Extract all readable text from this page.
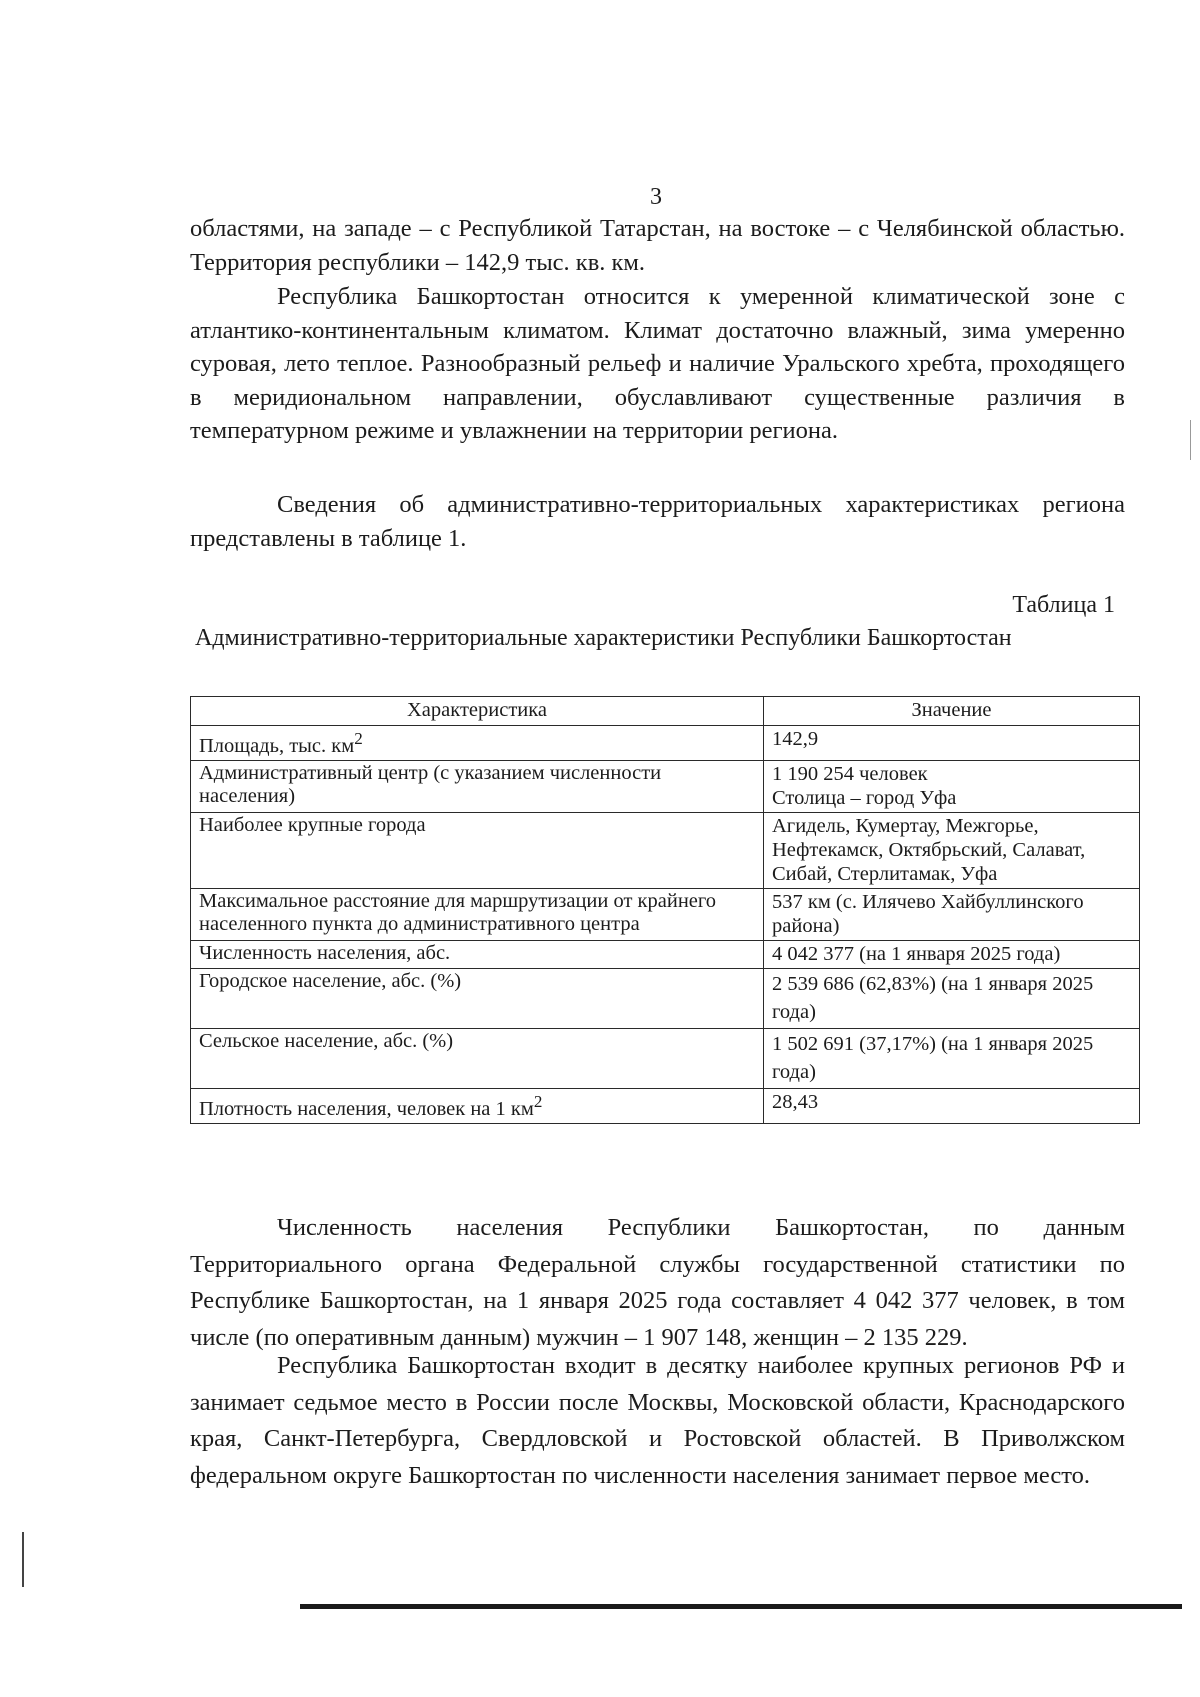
3

областями, на западе – с Республикой Татарстан, на востоке – с Челябинской областью. Территория республики – 142,9 тыс. кв. км.

Республика Башкортостан относится к умеренной климатической зоне с атлантико-континентальным климатом. Климат достаточно влажный, зима умеренно суровая, лето теплое. Разнообразный рельеф и наличие Уральского хребта, проходящего в меридиональном направлении, обуславливают существенные различия в температурном режиме и увлажнении на территории региона.

Сведения об административно-территориальных характеристиках региона представлены в таблице 1.

Таблица 1
Административно-территориальные характеристики Республики Башкортостан
Характеристика	Значение
Площадь, тыс. $км^2$	142,9
Административный центр (с указанием численности населения)	1 190 254 человек
Столица – город Уфа
Наиболее крупные города	Агидель, Кумертау, Межгорье, Нефтекамск, Октябрьский, Салават, Сибай, Стерлитамак, Уфа
Максимальное расстояние для маршрутизации от крайнего населенного пункта до административного центра	537 км (с. Илячево Хайбуллинского района)
Численность населения, абс.	4 042 377 (на 1 января 2025 года)
Городское население, абс. (%)	2 539 686 (62,83%) (на 1 января 2025 года)
Сельское население, абс. (%)	1 502 691 (37,17%) (на 1 января 2025 года)
Плотность населения, человек на 1 $км^2$	28,43

Численность населения Республики Башкортостан, по данным Территориального органа Федеральной службы государственной статистики по Республике Башкортостан, на 1 января 2025 года составляет 4 042 377 человек, в том числе (по оперативным данным) мужчин – 1 907 148, женщин – 2 135 229.

Республика Башкортостан входит в десятку наиболее крупных регионов РФ и занимает седьмое место в России после Москвы, Московской области, Краснодарского края, Санкт-Петербурга, Свердловской и Ростовской областей. В Приволжском федеральном округе Башкортостан по численности населения занимает первое место.
